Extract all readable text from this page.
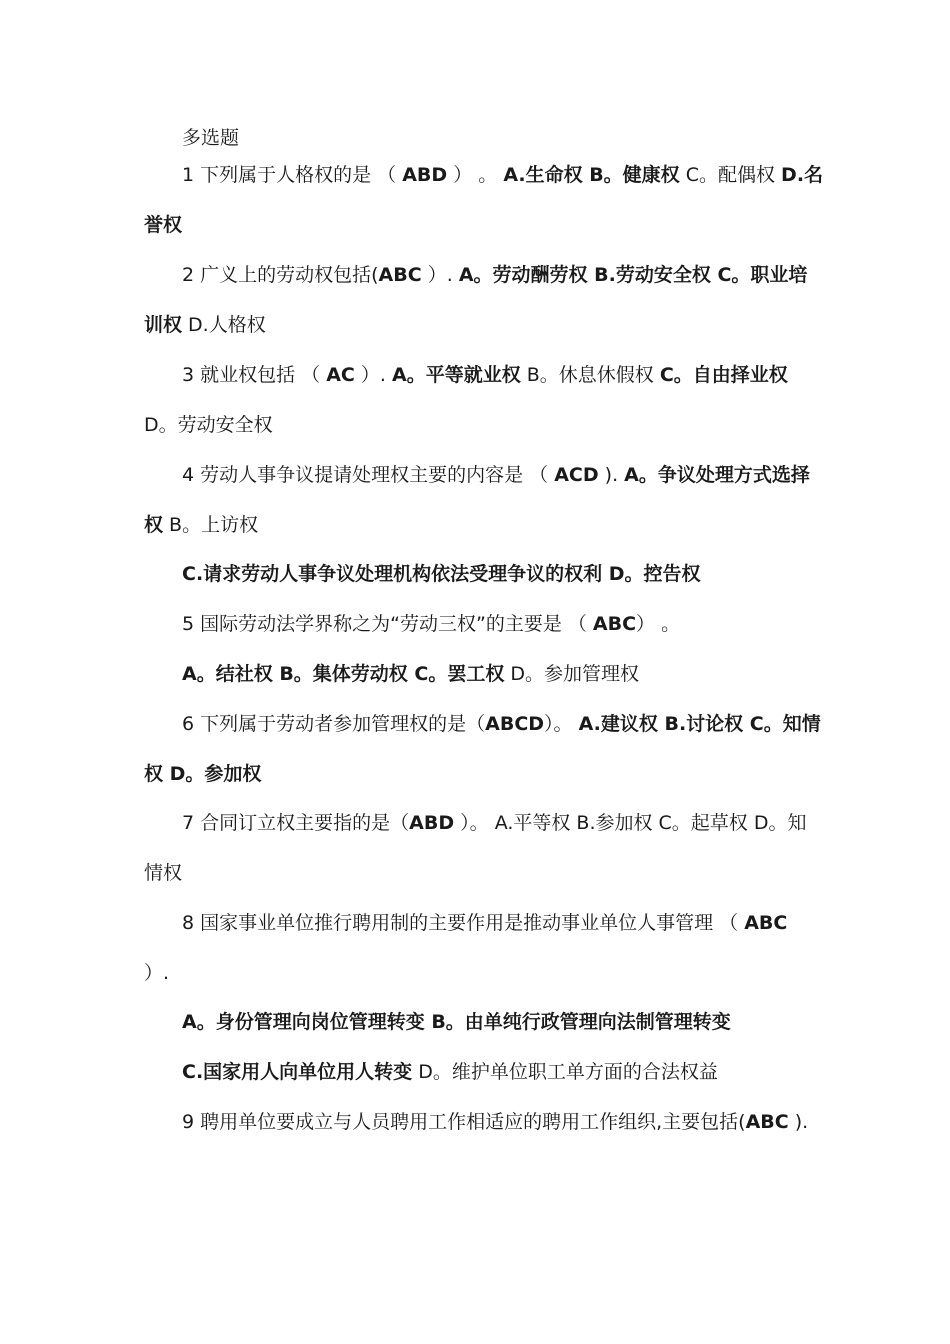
多选题
1 下列属于人格权的是 （ ABD ） 。 A.生命权 B。健康权 C。配偶权 D.名
誉权
2 广义上的劳动权包括(ABC ）. A。劳动酬劳权 B.劳动安全权 C。职业培
训权 D.人格权
3 就业权包括 （ AC ）. A。平等就业权 B。休息休假权 C。自由择业权
D。劳动安全权
4 劳动人事争议提请处理权主要的内容是 （ ACD ). A。争议处理方式选择
权 B。上访权
C.请求劳动人事争议处理机构依法受理争议的权利 D。控告权
5 国际劳动法学界称之为“劳动三权”的主要是 （ ABC） 。
A。结社权 B。集体劳动权 C。罢工权 D。参加管理权
6 下列属于劳动者参加管理权的是（ABCD）。 A.建议权 B.讨论权 C。知情
权 D。参加权
7 合同订立权主要指的是（ABD ）。 A.平等权 B.参加权 C。起草权 D。知
情权
8 国家事业单位推行聘用制的主要作用是推动事业单位人事管理 （ ABC
）.
A。身份管理向岗位管理转变 B。由单纯行政管理向法制管理转变
C.国家用人向单位用人转变 D。维护单位职工单方面的合法权益
9 聘用单位要成立与人员聘用工作相适应的聘用工作组织,主要包括(ABC ).
